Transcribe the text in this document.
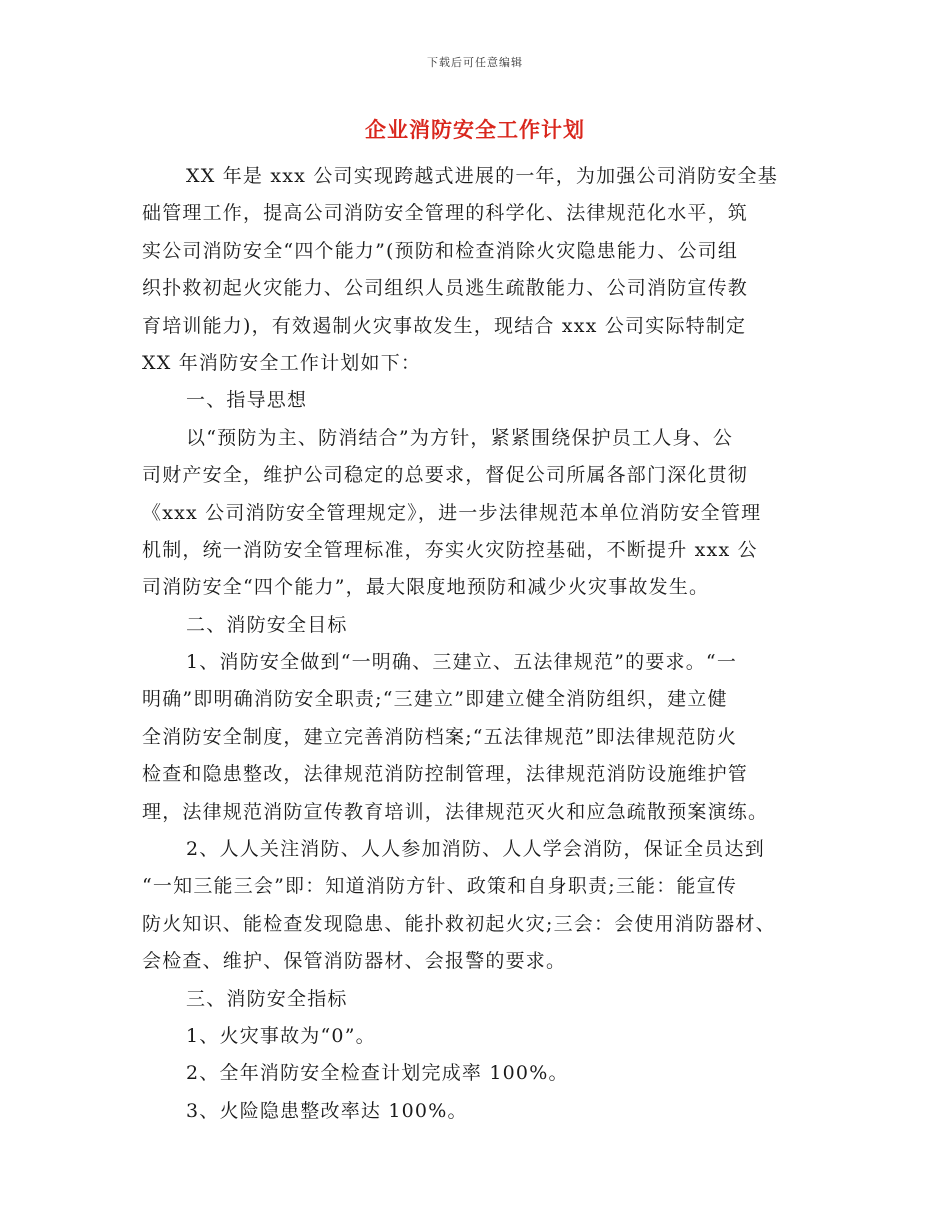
下载后可任意编辑
企业消防安全工作计划
XX 年是 xxx 公司实现跨越式进展的一年，为加强公司消防安全基
础管理工作，提高公司消防安全管理的科学化、法律规范化水平，筑
实公司消防安全“四个能力”(预防和检查消除火灾隐患能力、公司组
织扑救初起火灾能力、公司组织人员逃生疏散能力、公司消防宣传教
育培训能力)，有效遏制火灾事故发生，现结合 xxx 公司实际特制定
XX 年消防安全工作计划如下：
一、指导思想
以“预防为主、防消结合”为方针，紧紧围绕保护员工人身、公
司财产安全，维护公司稳定的总要求，督促公司所属各部门深化贯彻
《xxx 公司消防安全管理规定》，进一步法律规范本单位消防安全管理
机制，统一消防安全管理标准，夯实火灾防控基础，不断提升 xxx 公
司消防安全“四个能力”，最大限度地预防和减少火灾事故发生。
二、消防安全目标
1、消防安全做到“一明确、三建立、五法律规范”的要求。“一
明确”即明确消防安全职责;“三建立”即建立健全消防组织，建立健
全消防安全制度，建立完善消防档案;“五法律规范”即法律规范防火
检查和隐患整改，法律规范消防控制管理，法律规范消防设施维护管
理，法律规范消防宣传教育培训，法律规范灭火和应急疏散预案演练。
2、人人关注消防、人人参加消防、人人学会消防，保证全员达到
“一知三能三会”即：知道消防方针、政策和自身职责;三能：能宣传
防火知识、能检查发现隐患、能扑救初起火灾;三会：会使用消防器材、
会检查、维护、保管消防器材、会报警的要求。
三、消防安全指标
1、火灾事故为“0”。
2、全年消防安全检查计划完成率 100%。
3、火险隐患整改率达 100%。
